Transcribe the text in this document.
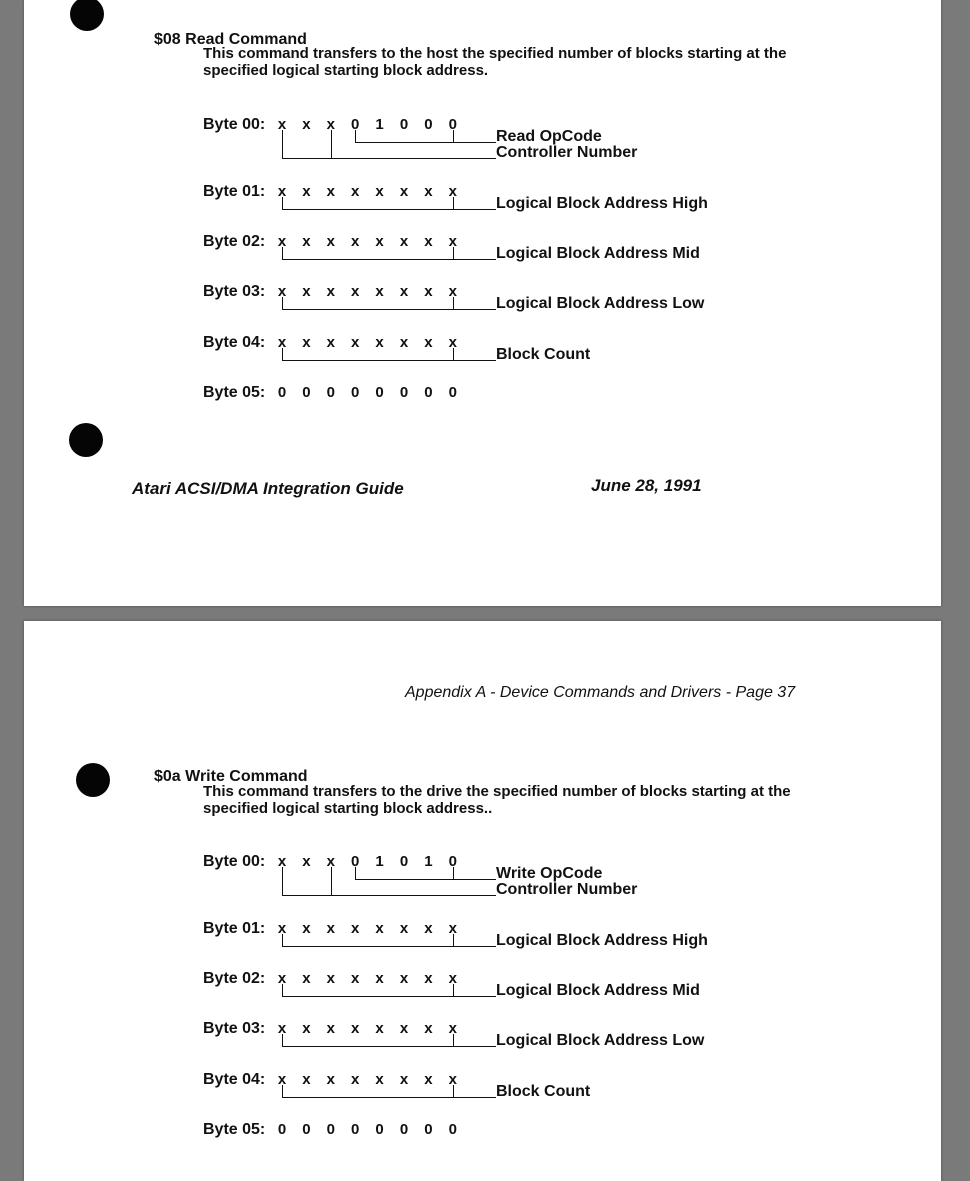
$08 Read Command
This command transfers to the host the specified number of blocks starting at the specified logical starting block address.
Byte 00: x x x 0 1 0 0 0
Read OpCode
Controller Number
Byte 01: x x x x x x x x
Logical Block Address High
Byte 02: x x x x x x x x
Logical Block Address Mid
Byte 03: x x x x x x x x
Logical Block Address Low
Byte 04: x x x x x x x x
Block Count
Byte 05: 0 0 0 0 0 0 0 0
Atari ACSI/DMA Integration Guide	June 28, 1991
Appendix A - Device Commands and Drivers - Page 37
$0a Write Command
This command transfers to the drive the specified number of blocks starting at the specified logical starting block address..
Byte 00: x x x 0 1 0 1 0
Write OpCode
Controller Number
Byte 01: x x x x x x x x
Logical Block Address High
Byte 02: x x x x x x x x
Logical Block Address Mid
Byte 03: x x x x x x x x
Logical Block Address Low
Byte 04: x x x x x x x x
Block Count
Byte 05: 0 0 0 0 0 0 0 0
